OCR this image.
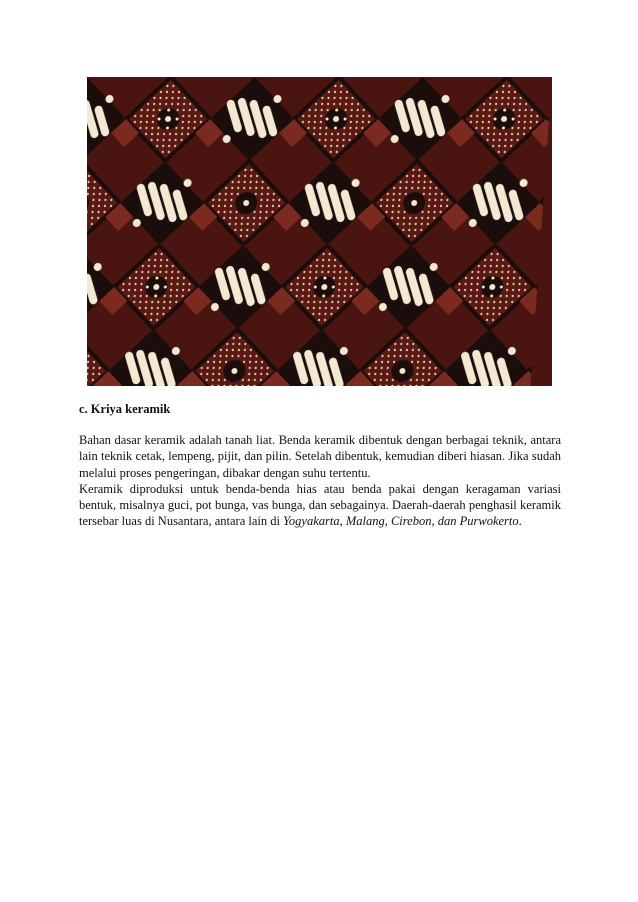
c. Kriya keramik

Bahan dasar keramik adalah tanah liat. Benda keramik dibentuk dengan berbagai teknik, antara lain teknik cetak, lempeng, pijit, dan pilin. Setelah dibentuk, kemudian diberi hiasan. Jika sudah melalui proses pengeringan, dibakar dengan suhu tertentu.

Keramik diproduksi untuk benda-benda hias atau benda pakai dengan keragaman variasi bentuk, misalnya guci, pot bunga, vas bunga, dan sebagainya. Daerah-daerah penghasil keramik tersebar luas di Nusantara, antara lain di Yogyakarta, Malang, Cirebon, dan Purwokerto.
